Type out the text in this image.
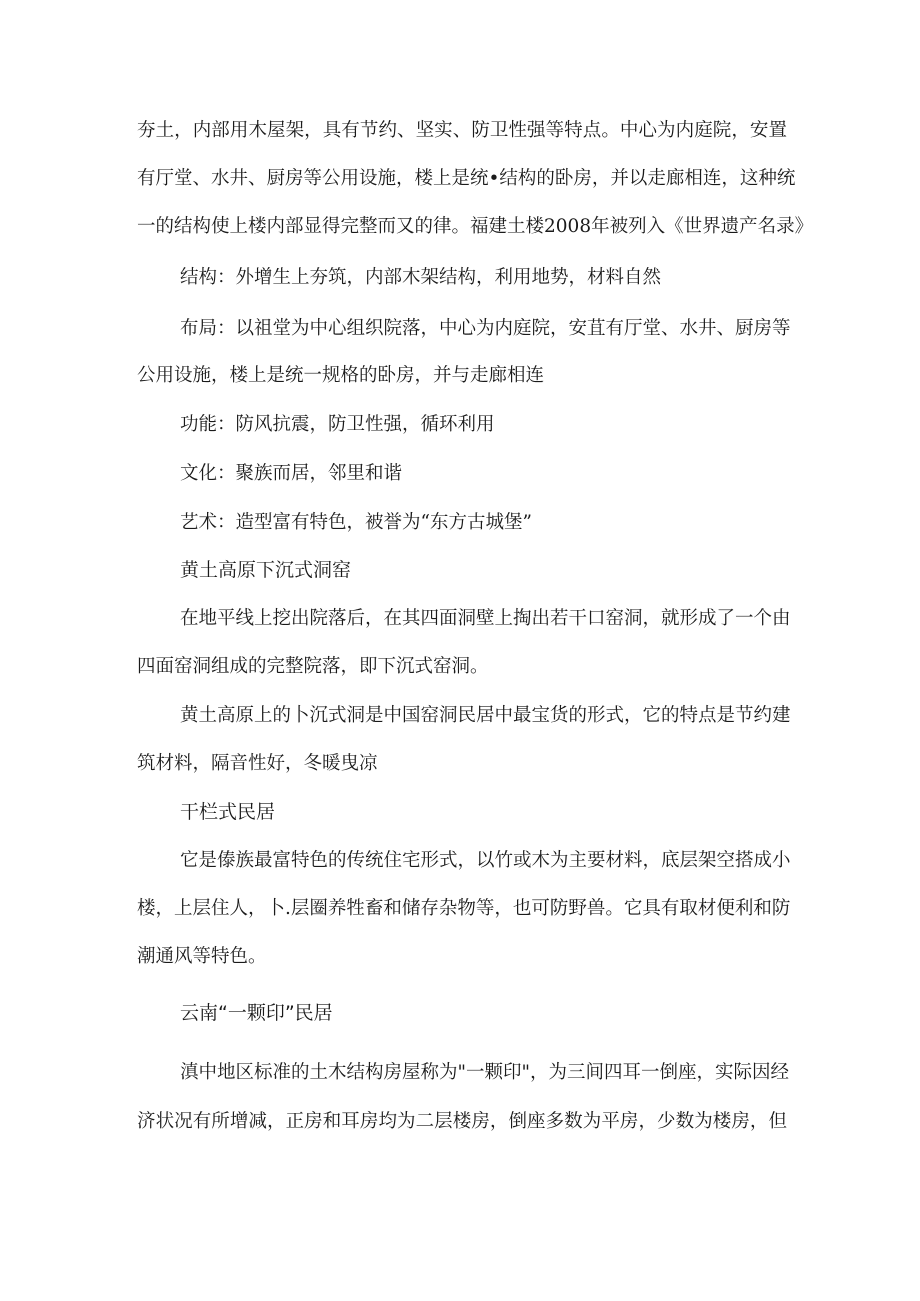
夯土，内部用木屋架，具有节约、坚实、防卫性强等特点。中心为内庭院，安置
有厅堂、水井、厨房等公用设施，楼上是统•结构的卧房，并以走廊相连，这种统
一的结构使上楼内部显得完整而又的律。福建土楼2008年被列入《世界遗产名录》
结构：外增生上夯筑，内部木架结构，利用地势，材料自然
布局：以祖堂为中心组织院落，中心为内庭院，安苴有厅堂、水井、厨房等
公用设施，楼上是统一规格的卧房，并与走廊相连
功能：防风抗震，防卫性强，循环利用
文化：聚族而居，邻里和谐
艺术：造型富有特色，被誉为“东方古城堡”
黄土高原下沉式洞窑
在地平线上挖出院落后，在其四面洞壁上掏出若干口窑洞，就形成了一个由
四面窑洞组成的完整院落，即下沉式窑洞。
黄土高原上的卜沉式洞是中国窑洞民居中最宝货的形式，它的特点是节约建
筑材料，隔音性好，冬暖曳凉
干栏式民居
它是傣族最富特色的传统住宅形式，以竹或木为主要材料，底层架空搭成小
楼，上层住人，卜.层圈养牲畜和储存杂物等，也可防野兽。它具有取材便利和防
潮通风等特色。
云南“一颗印”民居
滇中地区标准的土木结构房屋称为"一颗印"，为三间四耳一倒座，实际因经
济状况有所增减，正房和耳房均为二层楼房，倒座多数为平房，少数为楼房，但
